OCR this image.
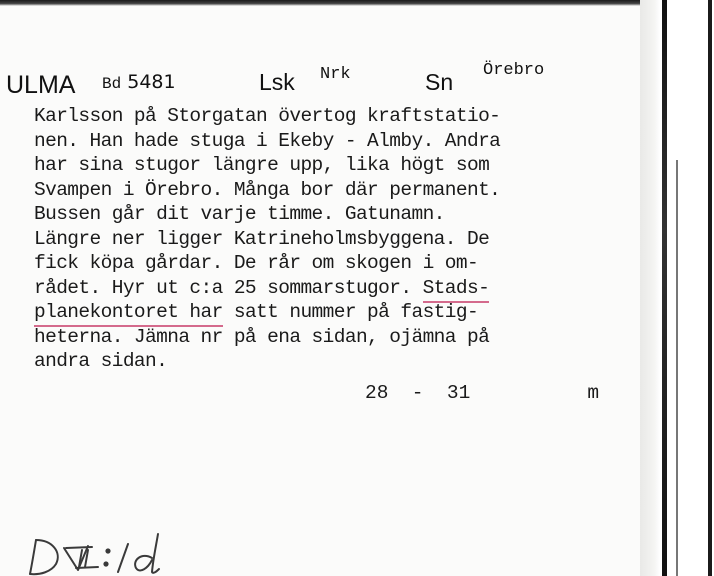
ULMA Bd 5481	Lsk Nrk	Sn Örebro
Karlsson på Storgatan övertog kraftstatio-
nen. Han hade stuga i Ekeby - Almby. Andra
har sina stugor längre upp, lika högt som
Svampen i Örebro. Många bor där permanent.
Bussen går dit varje timme. Gatunamn.
Längre ner ligger Katrineholmsbyggena. De
fick köpa gårdar. De rår om skogen i om-
rådet. Hyr ut c:a 25 sommarstugor. Stads-
planekontoret har satt nummer på fastig-
heterna. Jämna nr på ena sidan, ojämna på
andra sidan.
28  -  31	m
